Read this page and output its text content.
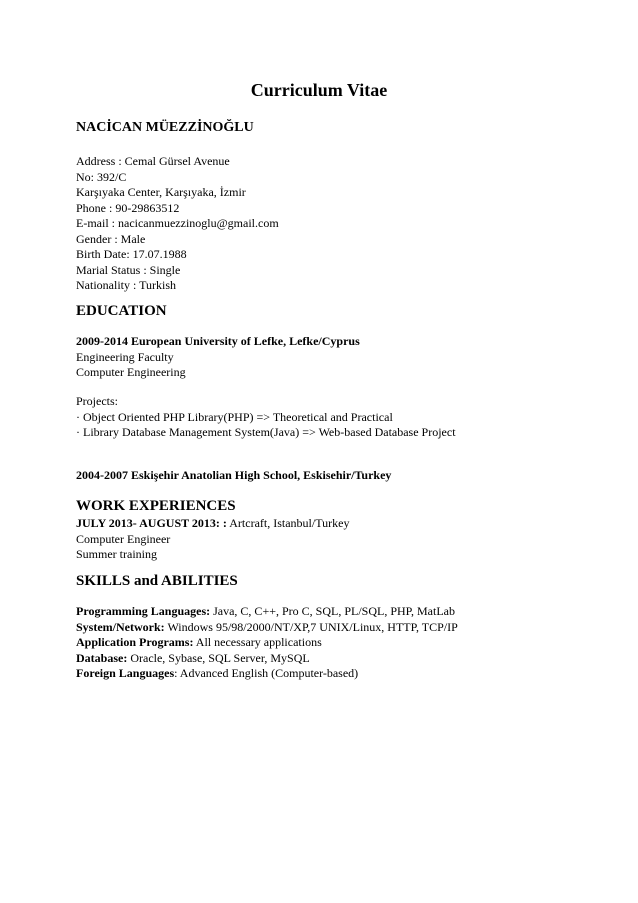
Curriculum Vitae
NACİCAN MÜEZZİNOĞLU
Address : Cemal Gürsel Avenue
No: 392/C
Karşıyaka Center, Karşıyaka, İzmir
Phone : 90-29863512
E-mail : nacicanmuezzinoglu@gmail.com
Gender : Male
Birth Date: 17.07.1988
Marial Status : Single
Nationality : Turkish
EDUCATION
2009-2014 European University of Lefke, Lefke/Cyprus
Engineering Faculty
Computer Engineering
Projects:
· Object Oriented PHP Library(PHP) => Theoretical and Practical
· Library Database Management System(Java) => Web-based Database Project
2004-2007 Eskişehir Anatolian High School, Eskisehir/Turkey
WORK EXPERIENCES
JULY 2013- AUGUST 2013: : Artcraft, Istanbul/Turkey
Computer Engineer
Summer training
SKILLS and ABILITIES
Programming Languages: Java, C, C++, Pro C, SQL, PL/SQL, PHP, MatLab
System/Network: Windows 95/98/2000/NT/XP,7 UNIX/Linux, HTTP, TCP/IP
Application Programs: All necessary applications
Database: Oracle, Sybase, SQL Server, MySQL
Foreign Languages: Advanced English (Computer-based)
